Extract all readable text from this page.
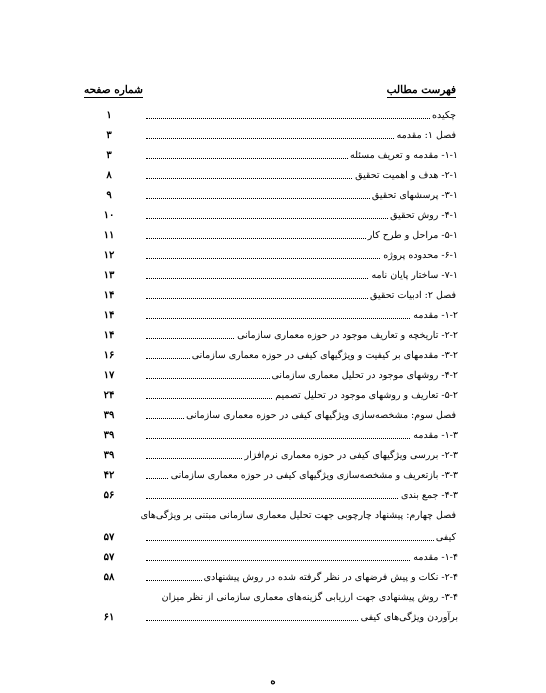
فهرست مطالب
شماره صفحه
چکیده
۱
فصل ۱: مقدمه
۳
۱-۱- مقدمه و تعریف مسئله
۳
۲-۱- هدف و اهمیت تحقیق
۸
۳-۱- پرسشهای تحقیق
۹
۴-۱- روش تحقیق
۱۰
۵-۱- مراحل و طرح کار
۱۱
۶-۱- محدوده پروژه
۱۲
۷-۱- ساختار پایان نامه
۱۳
فصل ۲: ادبیات تحقیق
۱۴
۱-۲- مقدمه
۱۴
۲-۲- تاریخچه و تعاریف موجود در حوزه معماری سازمانی
۱۴
۳-۲- مقدمهای بر کیفیت و ویژگیهای کیفی در حوزه معماری سازمانی
۱۶
۴-۲- روشهای موجود در تحلیل معماری سازمانی
۱۷
۵-۲- تعاریف و روشهای موجود در تحلیل تصمیم
۲۴
فصل سوم: مشخصه‌سازی ویژگیهای کیفی در حوزه معماری سازمانی
۳۹
۱-۳- مقدمه
۳۹
۲-۳- بررسی ویژگیهای کیفی در حوزه معماری نرم‌افزار
۳۹
۳-۳- بازتعریف و مشخصه‌سازی ویژگیهای کیفی در حوزه معماری سازمانی
۴۲
۴-۳- جمع بندی
۵۶
فصل چهارم: پیشنهاد چارچوبی جهت تحلیل معماری سازمانی مبتنی بر ویژگی‌های
کیفی
۵۷
۱-۴- مقدمه
۵۷
۲-۴- نکات و پیش فرضهای در نظر گرفته شده در روش پیشنهادی
۵۸
۳-۴- روش پیشنهادی جهت ارزیابی گزینه‌های معماری سازمانی از نظر میزان
برآوردن ویژگی‌های کیفی
۶۱
ه
